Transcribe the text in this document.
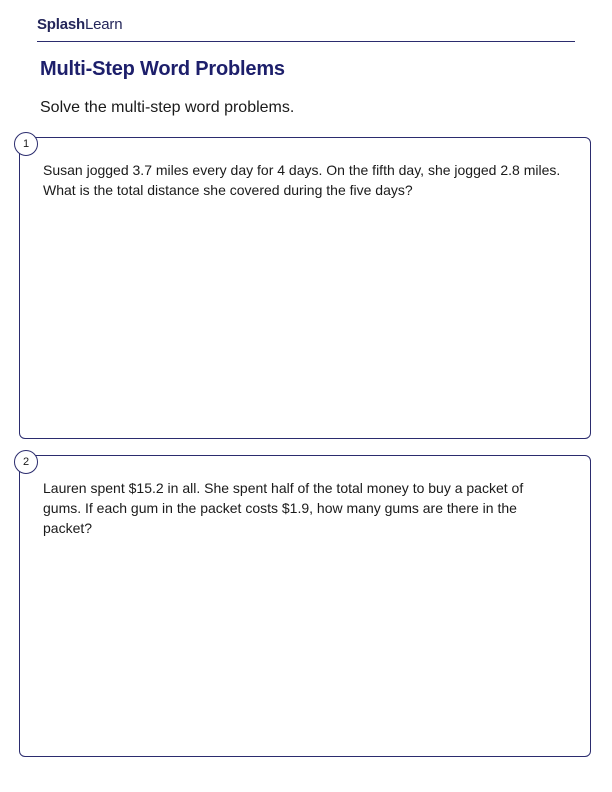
SplashLearn
Multi-Step Word Problems

Solve the multi-step word problems.

1

Susan jogged 3.7 miles every day for 4 days. On the fifth day, she jogged 2.8 miles. What is the total distance she covered during the five days?

2

Lauren spent $15.2 in all. She spent half of the total money to buy a packet of gums. If each gum in the packet costs $1.9, how many gums are there in the packet?
